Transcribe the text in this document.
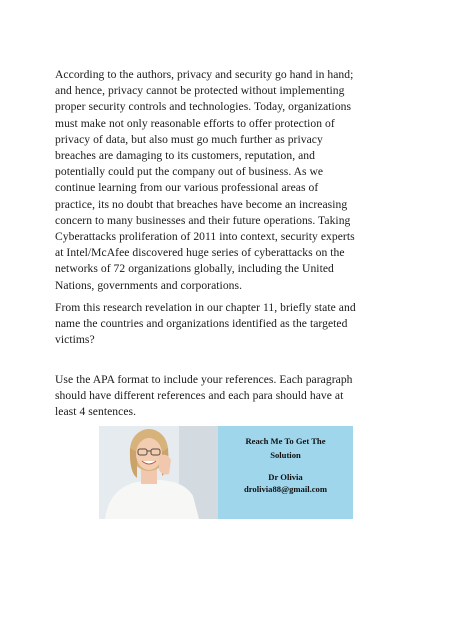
According to the authors, privacy and security go hand in hand;
and hence, privacy cannot be protected without implementing
proper security controls and technologies. Today, organizations
must make not only reasonable efforts to offer protection of
privacy of data, but also must go much further as privacy
breaches are damaging to its customers, reputation, and
potentially could put the company out of business. As we
continue learning from our various professional areas of
practice, its no doubt that breaches have become an increasing
concern to many businesses and their future operations. Taking
Cyberattacks proliferation of 2011 into context, security experts
at Intel/McAfee discovered huge series of cyberattacks on the
networks of 72 organizations globally, including the United
Nations, governments and corporations.

From this research revelation in our chapter 11, briefly state and
name the countries and organizations identified as the targeted
victims?

Use the APA format to include your references. Each paragraph
should have different references and each para should have at
least 4 sentences.

Reach Me To Get The
Solution
Dr Olivia
drolivia88@gmail.com
